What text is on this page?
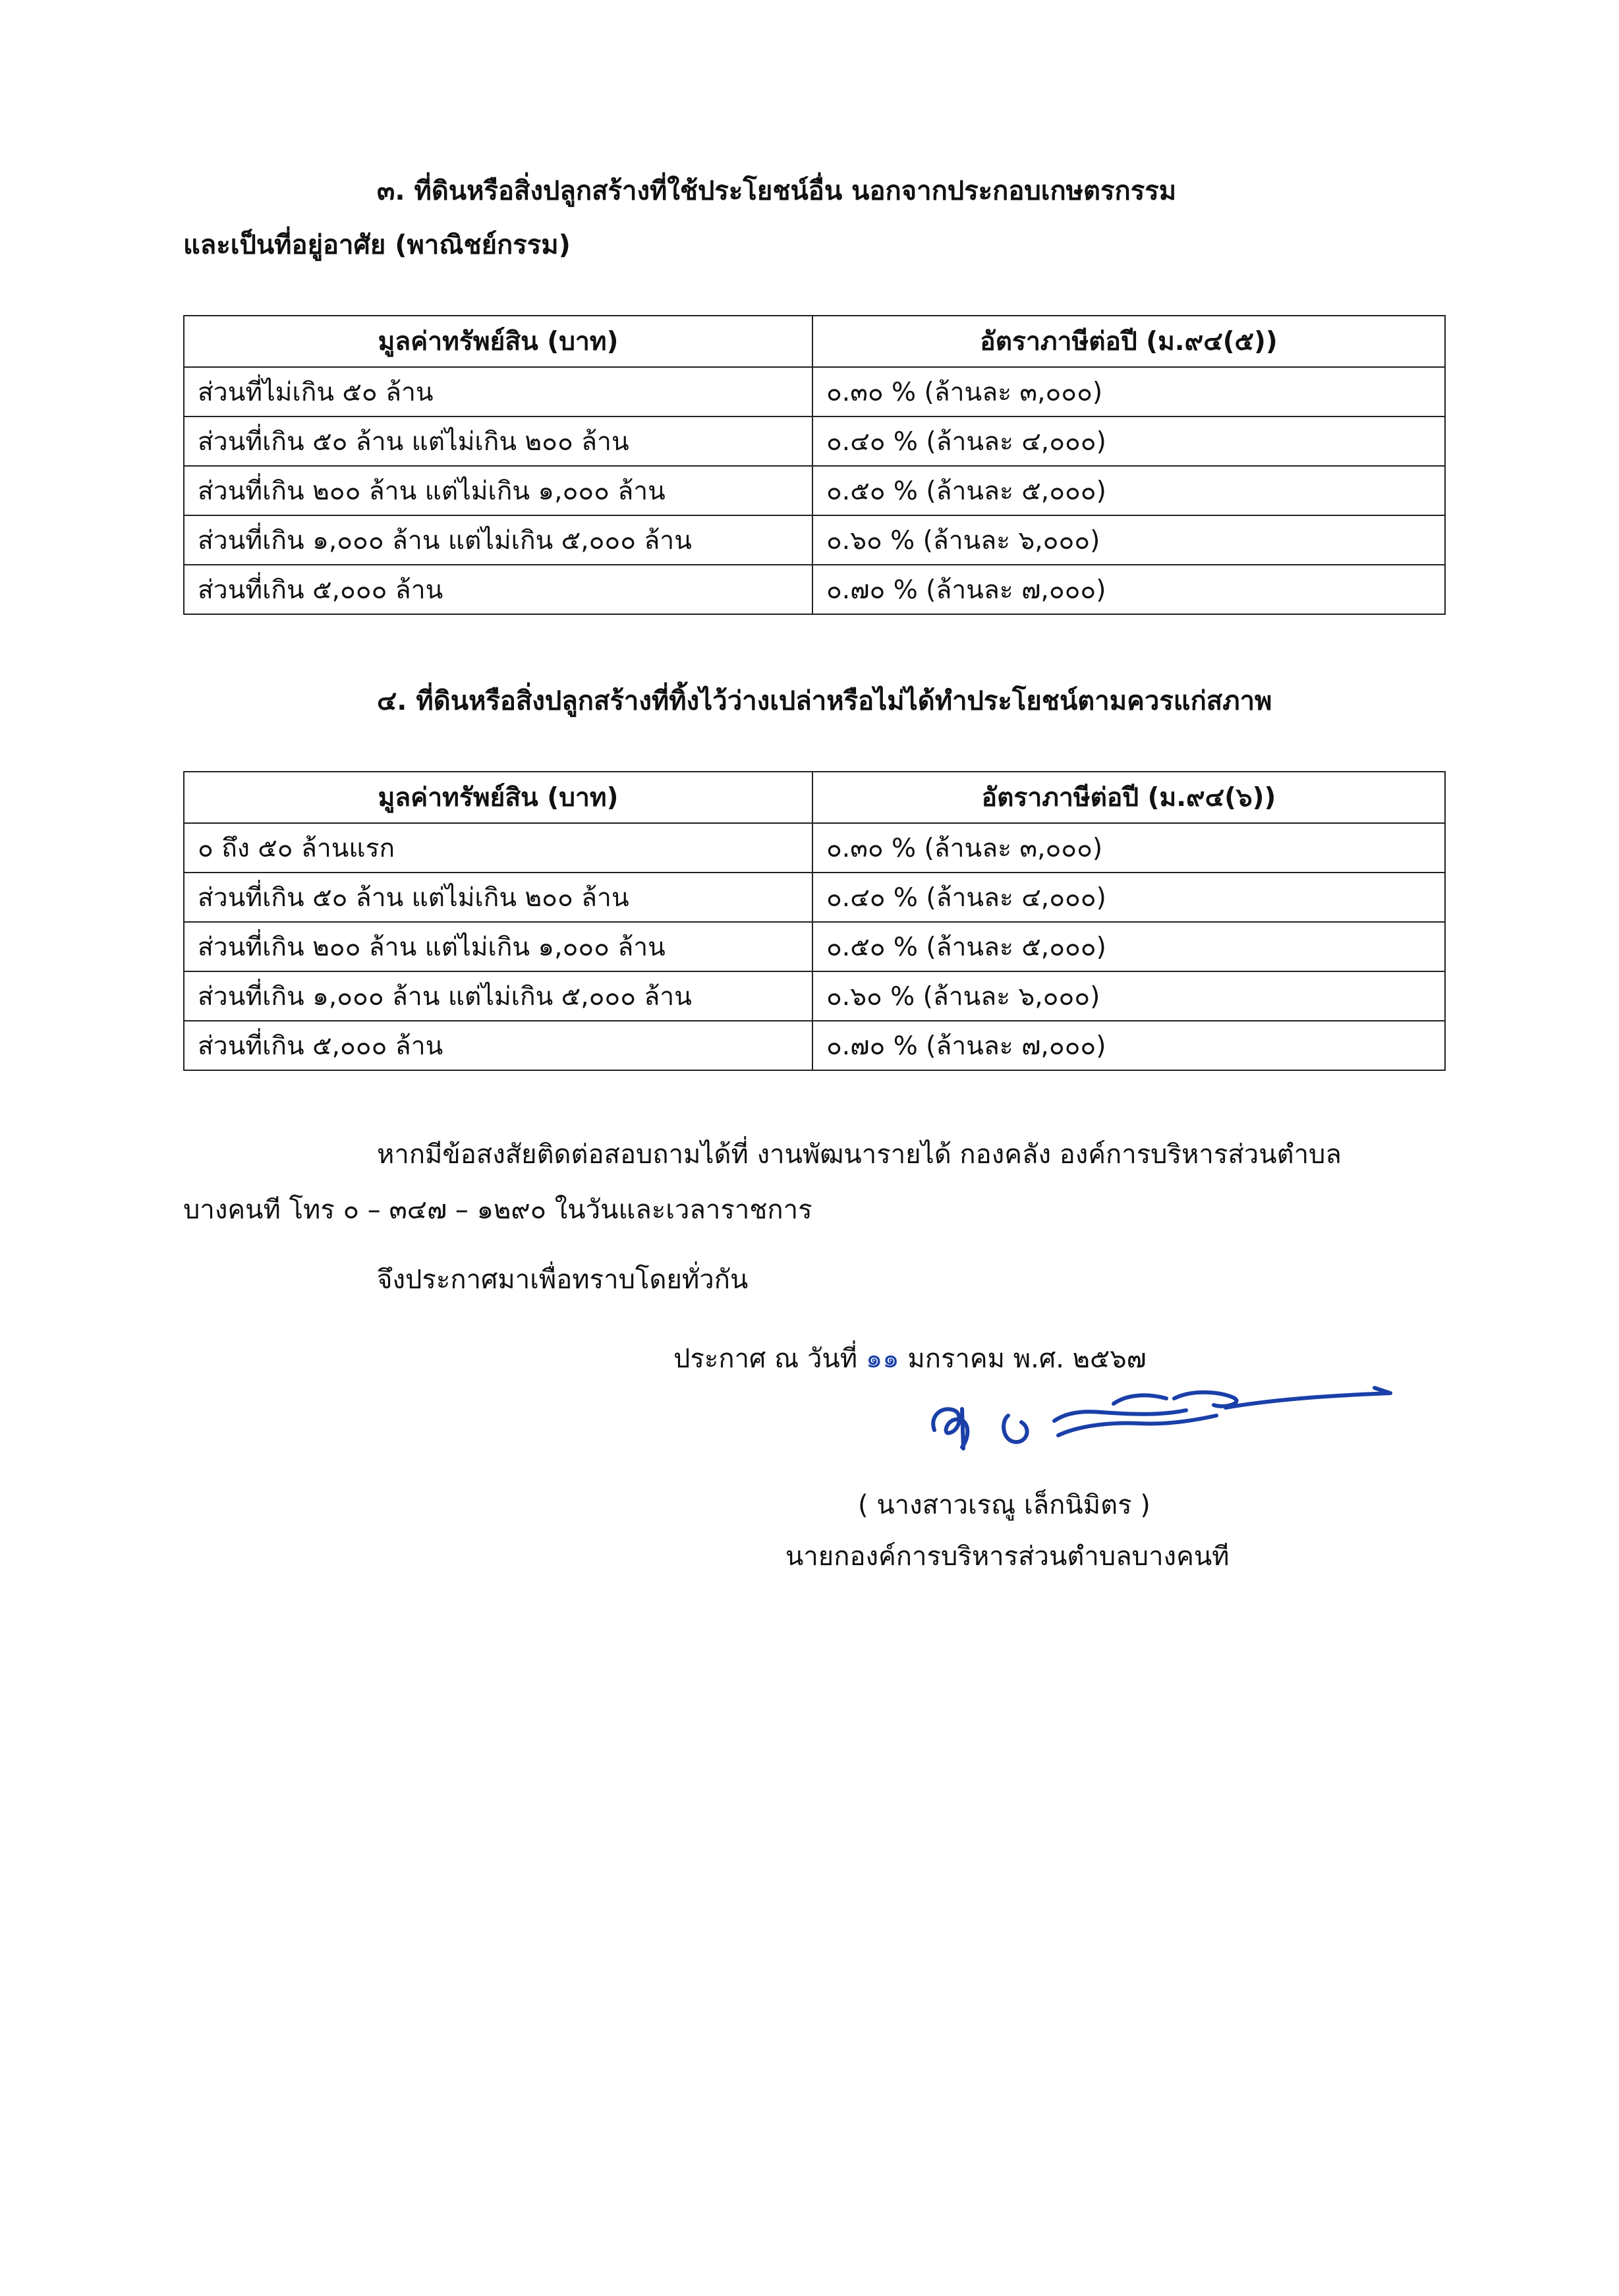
๓. ที่ดินหรือสิ่งปลูกสร้างที่ใช้ประโยชน์อื่น นอกจากประกอบเกษตรกรรม
และเป็นที่อยู่อาศัย (พาณิชย์กรรม)
มูลค่าทรัพย์สิน (บาท)	อัตราภาษีต่อปี (ม.๙๔(๕))
ส่วนที่ไม่เกิน ๕๐ ล้าน	๐.๓๐ % (ล้านละ ๓,๐๐๐)
ส่วนที่เกิน ๕๐ ล้าน แต่ไม่เกิน ๒๐๐ ล้าน	๐.๔๐ % (ล้านละ ๔,๐๐๐)
ส่วนที่เกิน ๒๐๐ ล้าน แต่ไม่เกิน ๑,๐๐๐ ล้าน	๐.๕๐ % (ล้านละ ๕,๐๐๐)
ส่วนที่เกิน ๑,๐๐๐ ล้าน แต่ไม่เกิน ๕,๐๐๐ ล้าน	๐.๖๐ % (ล้านละ ๖,๐๐๐)
ส่วนที่เกิน ๕,๐๐๐ ล้าน	๐.๗๐ % (ล้านละ ๗,๐๐๐)
๔. ที่ดินหรือสิ่งปลูกสร้างที่ทิ้งไว้ว่างเปล่าหรือไม่ได้ทำประโยชน์ตามควรแก่สภาพ
มูลค่าทรัพย์สิน (บาท)	อัตราภาษีต่อปี (ม.๙๔(๖))
๐ ถึง ๕๐ ล้านแรก	๐.๓๐ % (ล้านละ ๓,๐๐๐)
ส่วนที่เกิน ๕๐ ล้าน แต่ไม่เกิน ๒๐๐ ล้าน	๐.๔๐ % (ล้านละ ๔,๐๐๐)
ส่วนที่เกิน ๒๐๐ ล้าน แต่ไม่เกิน ๑,๐๐๐ ล้าน	๐.๕๐ % (ล้านละ ๕,๐๐๐)
ส่วนที่เกิน ๑,๐๐๐ ล้าน แต่ไม่เกิน ๕,๐๐๐ ล้าน	๐.๖๐ % (ล้านละ ๖,๐๐๐)
ส่วนที่เกิน ๕,๐๐๐ ล้าน	๐.๗๐ % (ล้านละ ๗,๐๐๐)
หากมีข้อสงสัยติดต่อสอบถามได้ที่ งานพัฒนารายได้ กองคลัง องค์การบริหารส่วนตำบล
บางคนที โทร ๐ – ๓๔๗ – ๑๒๙๐ ในวันและเวลาราชการ
จึงประกาศมาเพื่อทราบโดยทั่วกัน
ประกาศ ณ วันที่ ๑๑ มกราคม พ.ศ. ๒๕๖๗
( นางสาวเรณู เล็กนิมิตร )
นายกองค์การบริหารส่วนตำบลบางคนที
